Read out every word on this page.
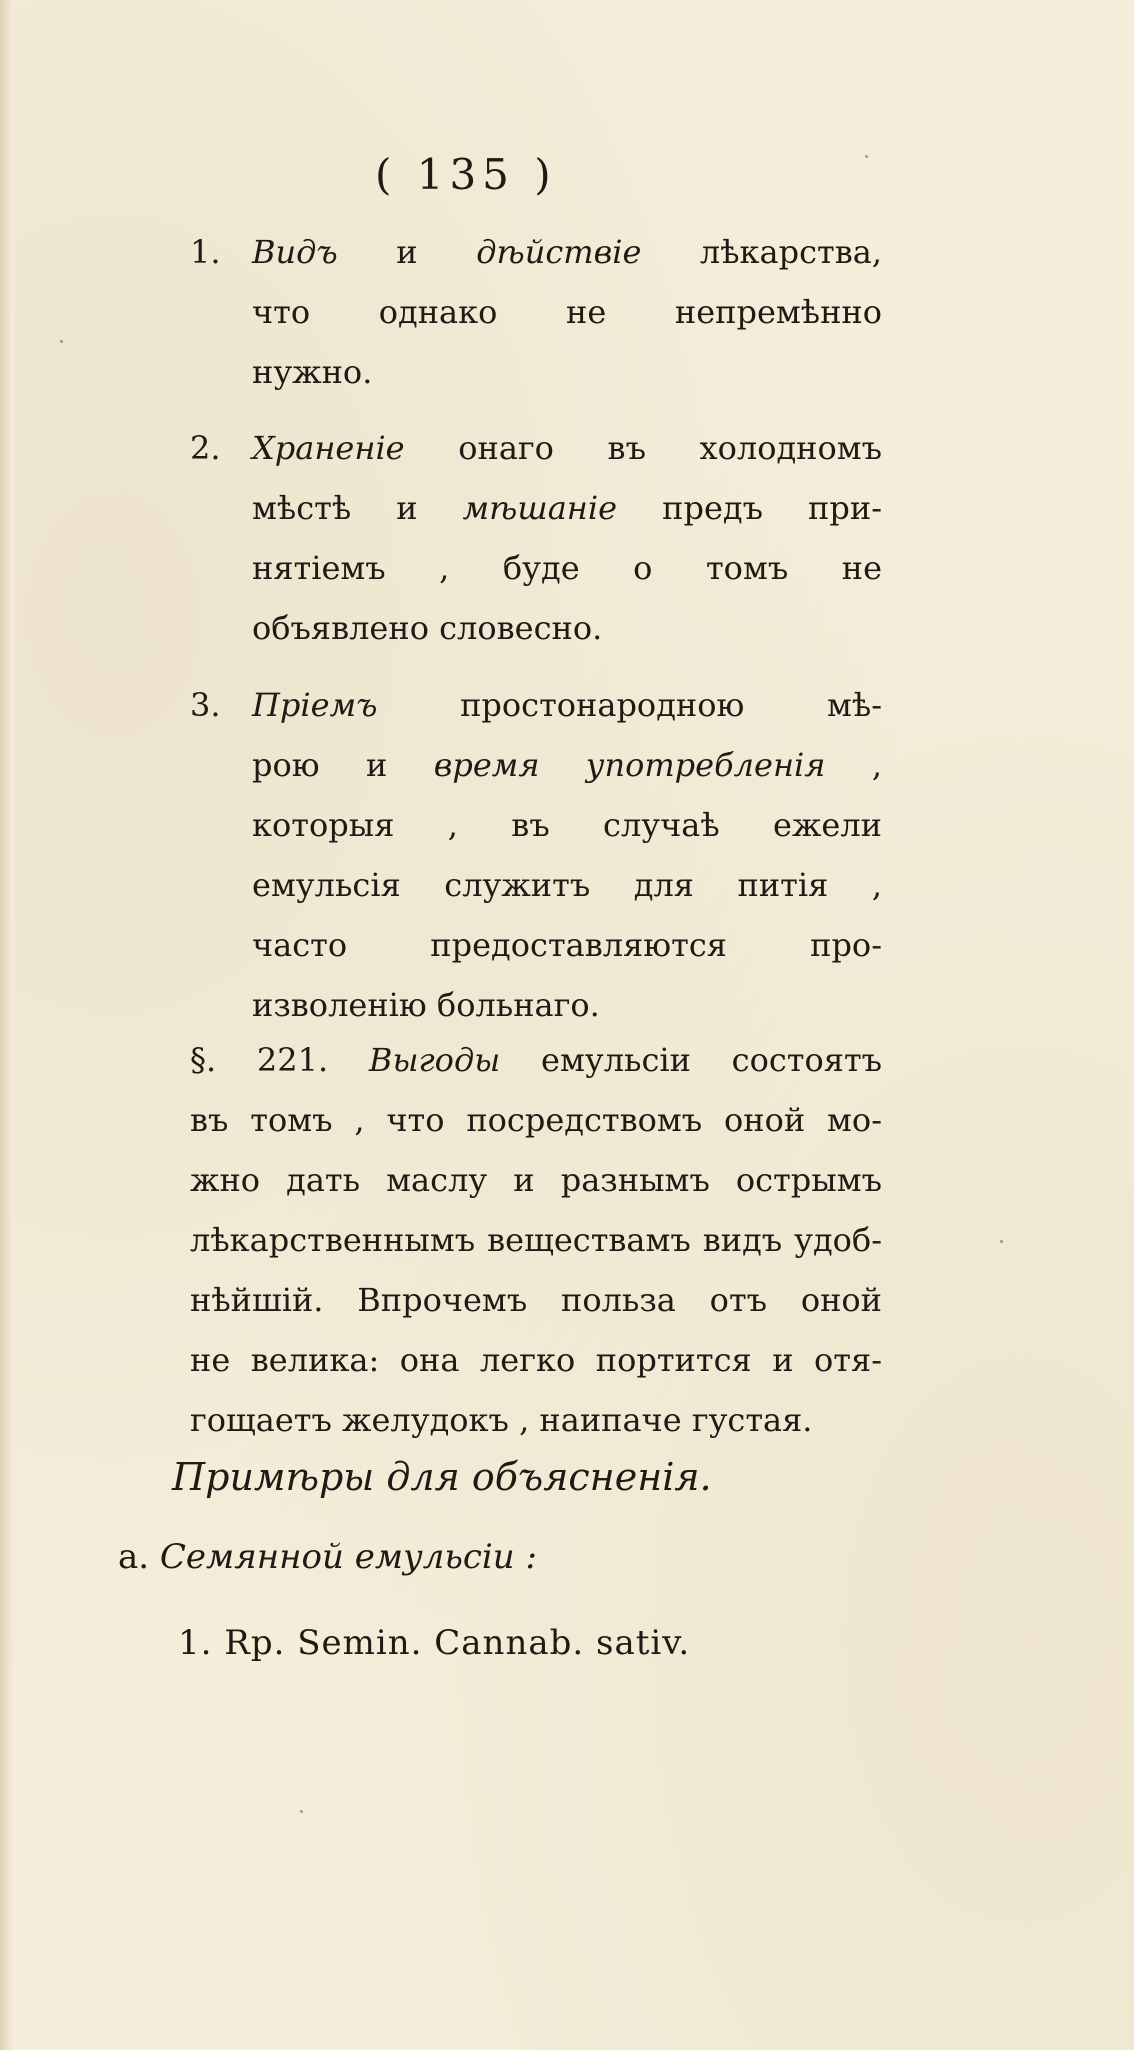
( 135 )
1. Видъ и дѣйствіе лѣкарства,
что однако не непремѣнно
нужно.
2. Храненіе онаго въ холодномъ
мѣстѣ и мѣшаніе предъ при-
нятіемъ , буде о томъ не
объявлено словесно.
3. Пріемъ простонародною мѣ-
рою и время употребленія ,
которыя , въ случаѣ ежели
емульсія служитъ для питія ,
часто предоставляются про-
изволенію больнаго.
§. 221. Выгоды емульсіи состоятъ
въ томъ , что посредствомъ оной мо-
жно дать маслу и разнымъ острымъ
лѣкарственнымъ веществамъ видъ удоб-
нѣйшій. Впрочемъ польза отъ оной
не велика: она легко портится и отя-
гощаетъ желудокъ , наипаче густая.
Примѣры для объясненія.
a. Семянной емульсіи :
1. Rp. Semin. Cannab. sativ.
